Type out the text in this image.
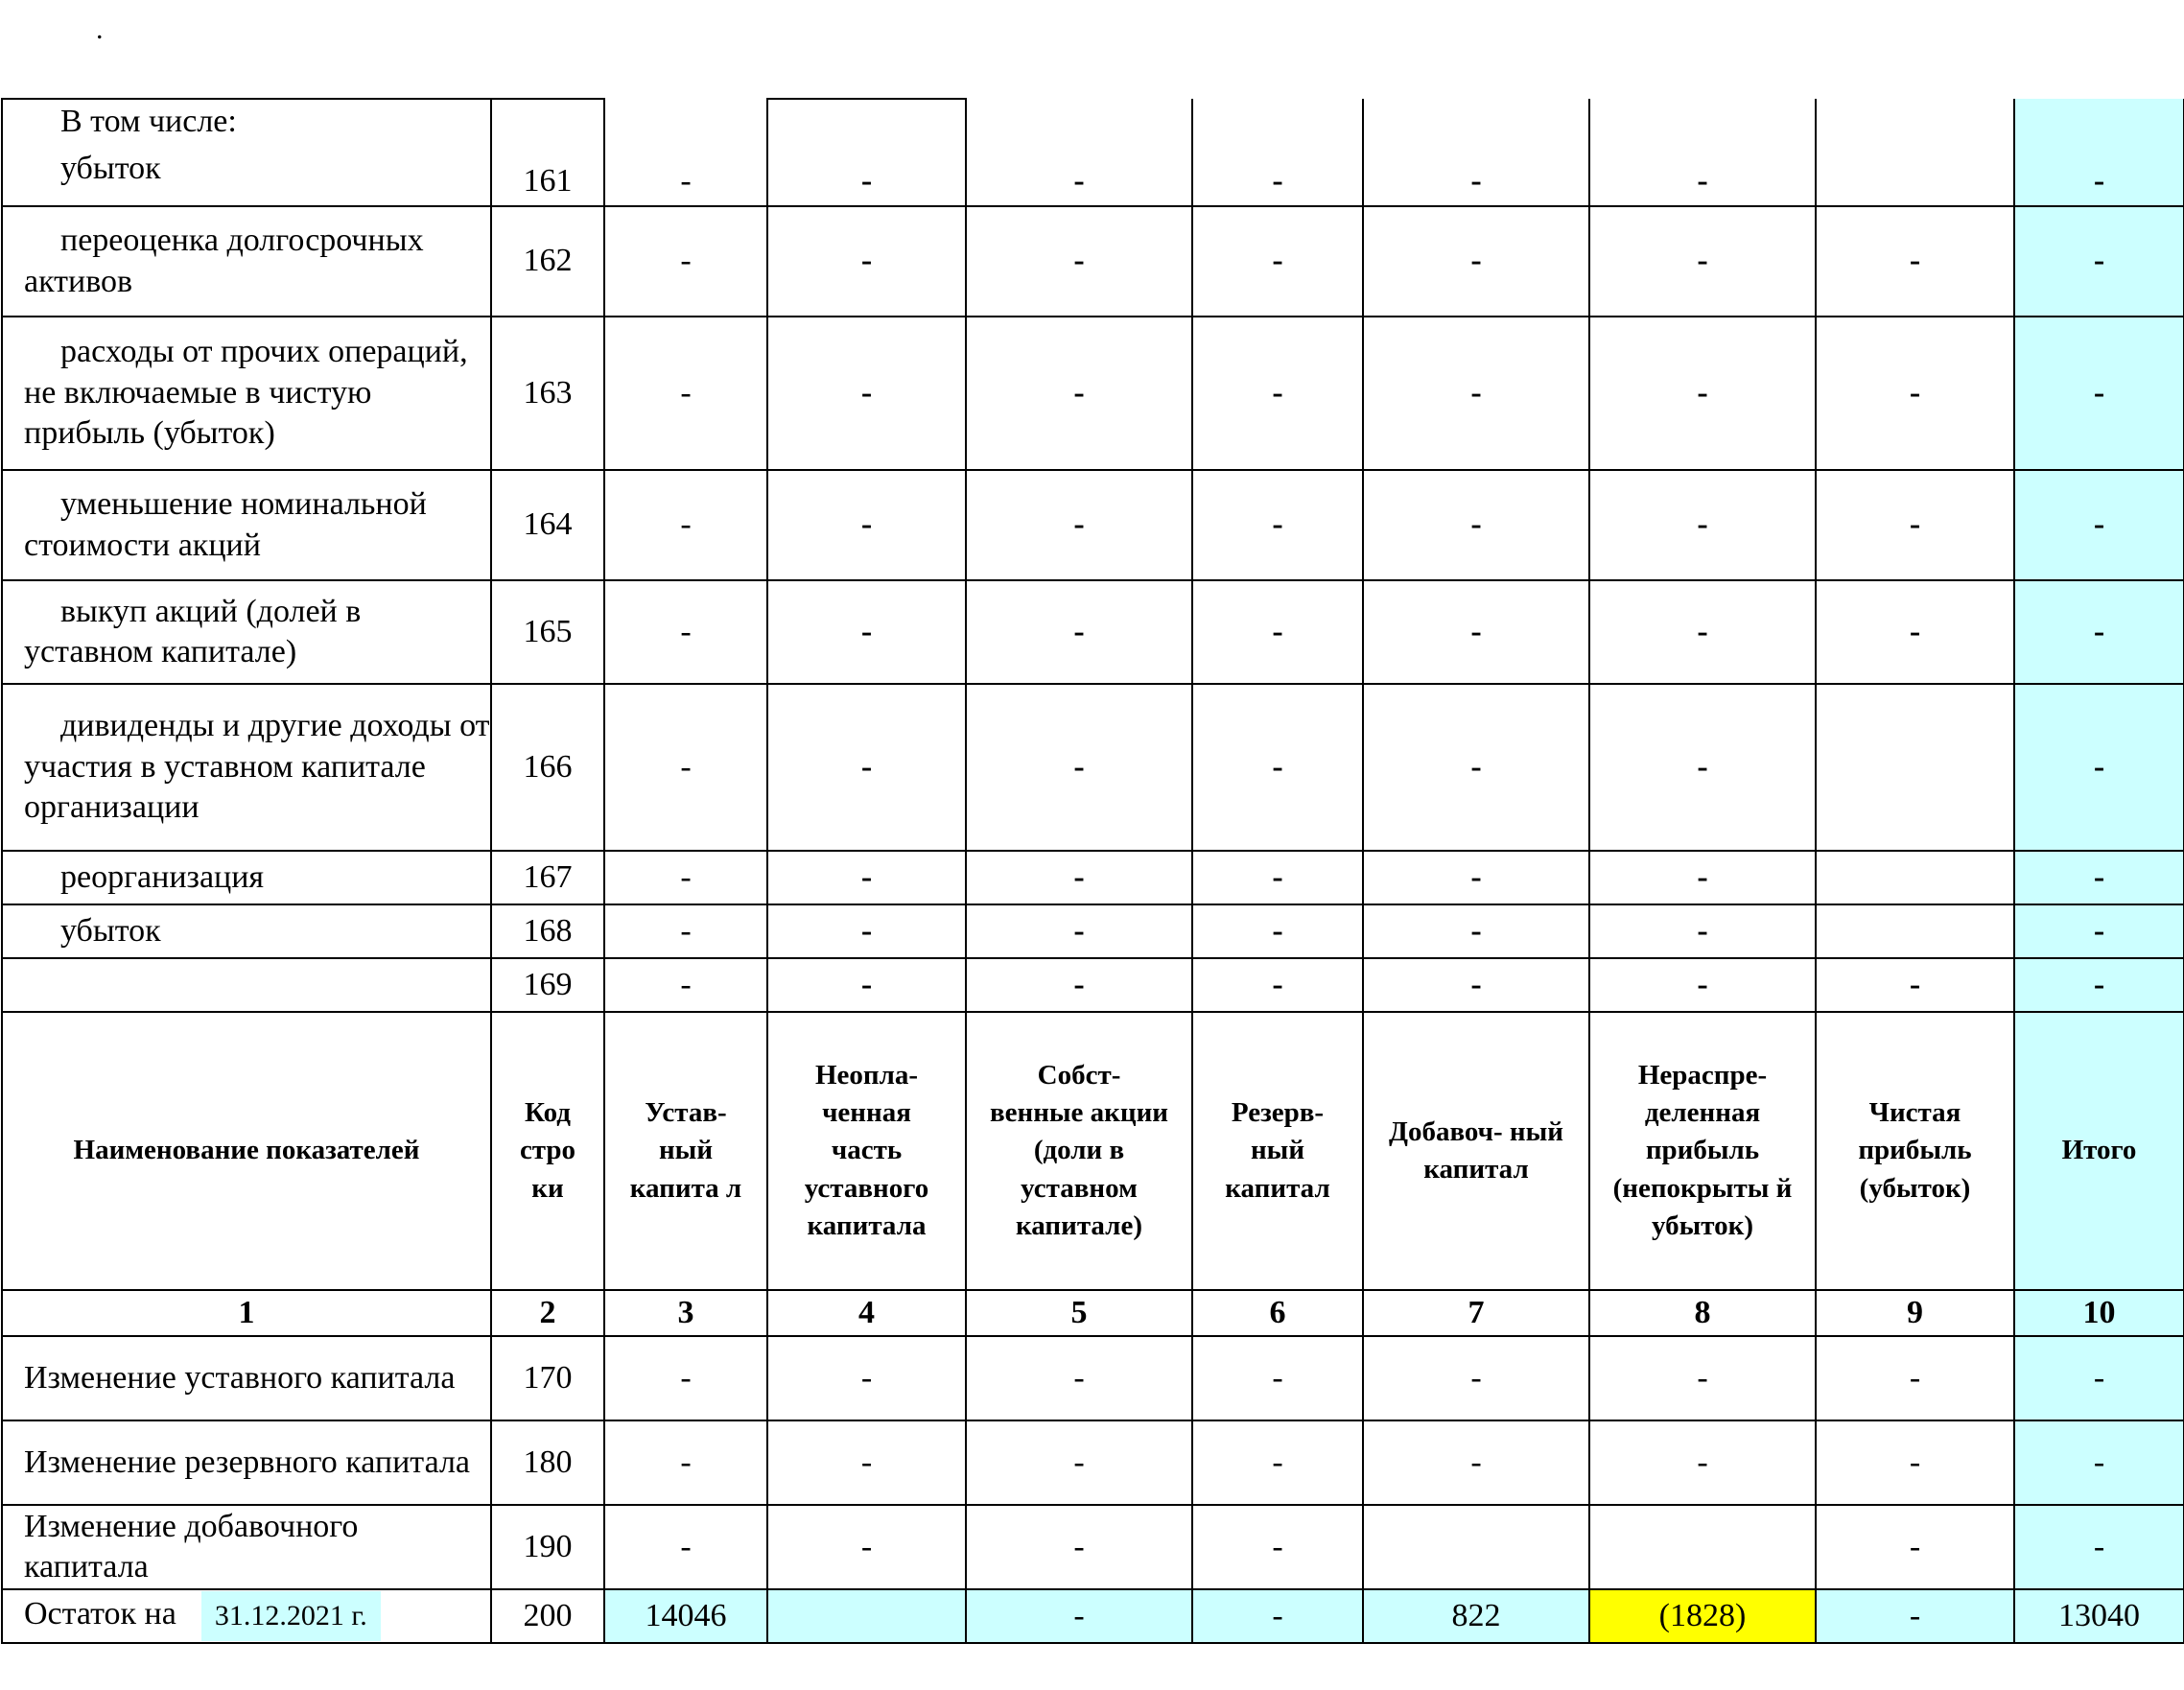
.
В том числе:
убыток	161	-	-	-	-	-	-		-

переоценка долгосрочных активов	162	-	-	-	-	-	-	-	-

расходы от прочих операций, не включаемые в чистую прибыль (убыток)	163	-	-	-	-	-	-	-	-

уменьшение номинальной стоимости акций	164	-	-	-	-	-	-	-	-

выкуп акций (долей в уставном капитале)	165	-	-	-	-	-	-	-	-

дивиденды и другие доходы от участия в уставном капитале организации	166	-	-	-	-	-	-		-

реорганизация	167	-	-	-	-	-	-		-

убыток	168	-	-	-	-	-	-		-

	169	-	-	-	-	-	-	-	-
Наименование показателей	Код стро ки	Устав- ный капита л	Неопла- ченная часть уставного капитала	Собст- венные акции (доли в уставном капитале)	Резерв- ный капитал	Добавоч- ный капитал	Нераспре- деленная прибыль (непокрыты й убыток)	Чистая прибыль (убыток)	Итого
1	2	3	4	5	6	7	8	9	10
Изменение уставного капитала	170	-	-	-	-	-	-	-	-
Изменение резервного капитала	180	-	-	-	-	-	-	-	-
Изменение добавочного капитала	190	-	-	-	-			-	-
Остаток на 31.12.2021 г.	200	14046		-	-	822	(1828)	-	13040
